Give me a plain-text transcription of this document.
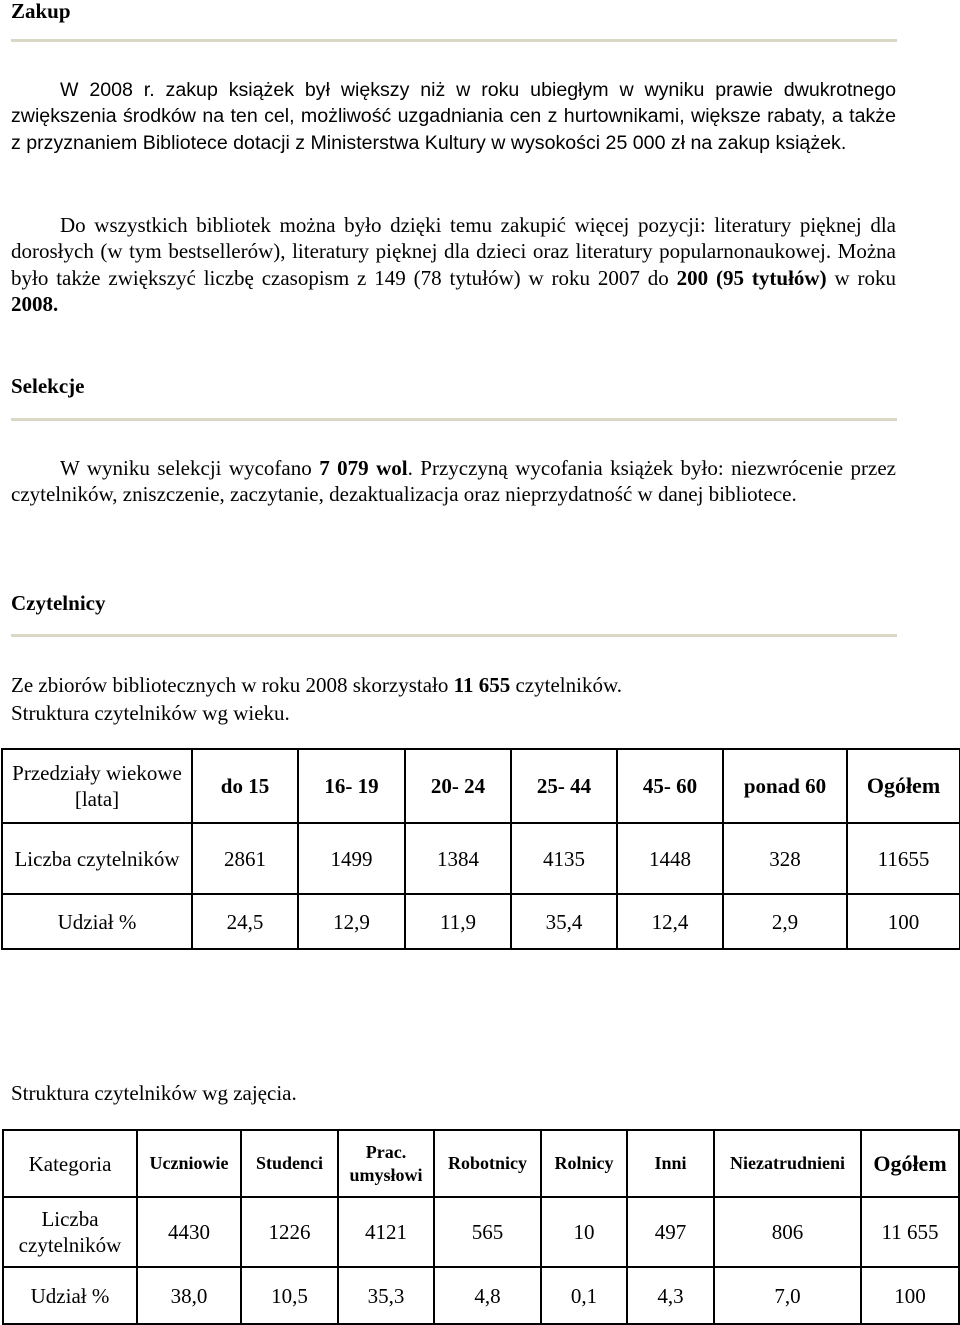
Zakup
W 2008 r. zakup książek był większy niż w roku ubiegłym w wyniku prawie dwukrotnego zwiększenia środków na ten cel, możliwość uzgadniania cen z hurtownikami, większe rabaty, a także z przyznaniem Bibliotece dotacji z Ministerstwa Kultury w wysokości 25 000 zł na zakup książek.
Do wszystkich bibliotek można było dzięki temu zakupić więcej pozycji: literatury pięknej dla dorosłych (w tym bestsellerów), literatury pięknej dla dzieci oraz literatury popularnonaukowej. Można było także zwiększyć liczbę czasopism z 149 (78 tytułów) w roku 2007 do 200 (95 tytułów) w roku 2008.
Selekcje
W wyniku selekcji wycofano 7 079 wol. Przyczyną wycofania książek było: niezwrócenie przez czytelników, zniszczenie, zaczytanie, dezaktualizacja oraz nieprzydatność w danej bibliotece.
Czytelnicy
Ze zbiorów bibliotecznych w roku 2008 skorzystało 11 655 czytelników.
Struktura czytelników wg wieku.
Przedziały wiekowe [lata]	do 15	16- 19	20- 24	25- 44	45- 60	ponad 60	Ogółem
Liczba czytelników	2861	1499	1384	4135	1448	328	11655
Udział %	24,5	12,9	11,9	35,4	12,4	2,9	100
Struktura czytelników wg zajęcia.
Kategoria	Uczniowie	Studenci	Prac. umysłowi	Robotnicy	Rolnicy	Inni	Niezatrudnieni	Ogółem
Liczba czytelników	4430	1226	4121	565	10	497	806	11 655
Udział %	38,0	10,5	35,3	4,8	0,1	4,3	7,0	100
